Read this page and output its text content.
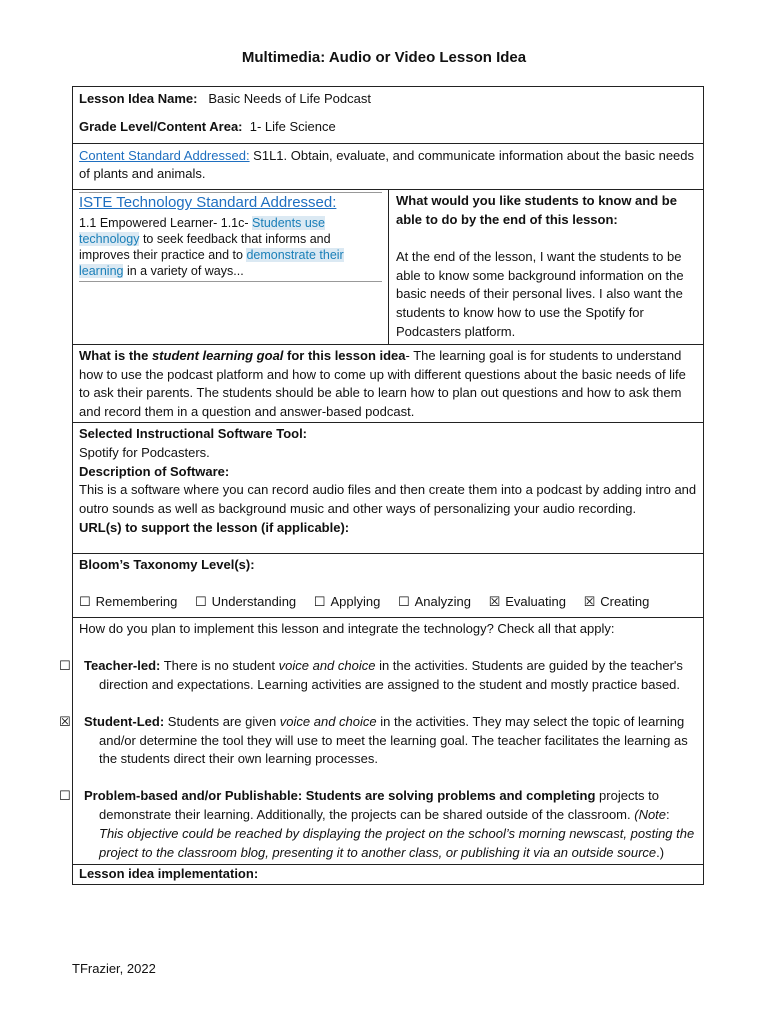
Multimedia: Audio or Video Lesson Idea
Lesson Idea Name: Basic Needs of Life Podcast
Grade Level/Content Area: 1- Life Science
Content Standard Addressed: S1L1. Obtain, evaluate, and communicate information about the basic needs of plants and animals.
ISTE Technology Standard Addressed:
1.1 Empowered Learner- 1.1c- Students use technology to seek feedback that informs and improves their practice and to demonstrate their learning in a variety of ways...
What would you like students to know and be able to do by the end of this lesson:
At the end of the lesson, I want the students to be able to know some background information on the basic needs of their personal lives. I also want the students to know how to use the Spotify for Podcasters platform.
What is the student learning goal for this lesson idea- The learning goal is for students to understand how to use the podcast platform and how to come up with different questions about the basic needs of life to ask their parents. The students should be able to learn how to plan out questions and how to ask them and record them in a question and answer-based podcast.
Selected Instructional Software Tool:
Spotify for Podcasters.
Description of Software:
This is a software where you can record audio files and then create them into a podcast by adding intro and outro sounds as well as background music and other ways of personalizing your audio recording.
URL(s) to support the lesson (if applicable):
Bloom’s Taxonomy Level(s):
☐ Remembering ☐ Understanding ☐ Applying ☐ Analyzing ☒ Evaluating ☒ Creating
How do you plan to implement this lesson and integrate the technology? Check all that apply:
☐ Teacher-led: There is no student voice and choice in the activities. Students are guided by the teacher's direction and expectations. Learning activities are assigned to the student and mostly practice based.
☒ Student-Led: Students are given voice and choice in the activities. They may select the topic of learning and/or determine the tool they will use to meet the learning goal. The teacher facilitates the learning as the students direct their own learning processes.
☐ Problem-based and/or Publishable: Students are solving problems and completing projects to demonstrate their learning. Additionally, the projects can be shared outside of the classroom. (Note: This objective could be reached by displaying the project on the school’s morning newscast, posting the project to the classroom blog, presenting it to another class, or publishing it via an outside source.)
Lesson idea implementation:
TFrazier, 2022
